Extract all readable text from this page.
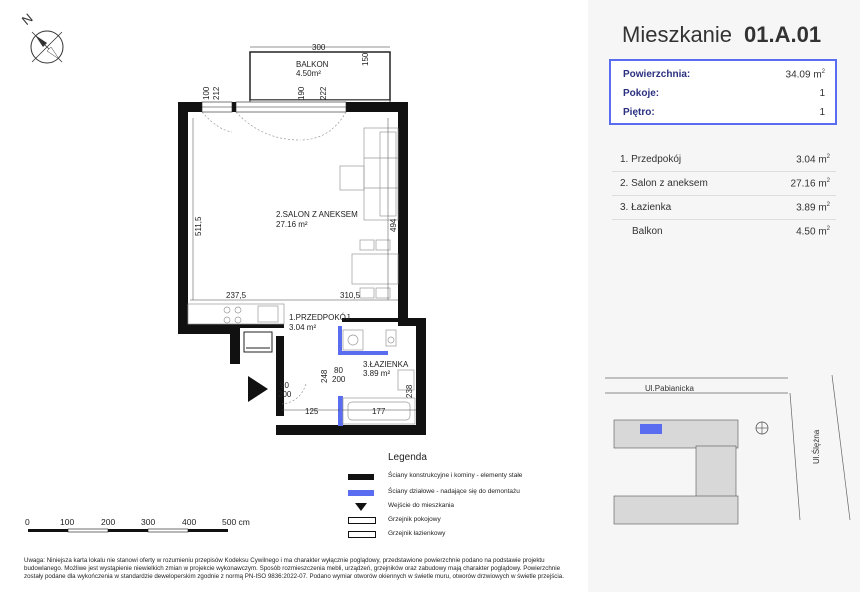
N
300
BALKON
4.50m²
150
100 212	190 222
511,5	494
2.SALON Z ANEKSEM
27.16 m²
237,5	310,5
1.PRZEDPOKÓJ
3.04 m²
3.ŁAZIENKA
3.89 m²
248 80
200
90
200	238
125	177
0	100	200	300	400	500 cm
Legenda
Ściany konstrukcyjne i kominy - elementy stałe
Ściany działowe - nadające się do demontażu
Wejście do mieszkania
Grzejnik pokojowy
Grzejnik łazienkowy
Uwaga: Niniejsza karta lokalu nie stanowi oferty w rozumieniu przepisów Kodeksu Cywilnego i ma charakter wyłącznie poglądowy, przedstawione powierzchnie podano na podstawie projektu budowlanego. Możliwe jest wystąpienie niewielkich zmian w projekcie wykonawczym. Sposób rozmieszczenia mebli, urządzeń, grzejników oraz zabudowy mają charakter poglądowy. Powierzchnie zostały podane dla wykończenia w standardzie deweloperskim zgodnie z normą PN-ISO 9836:2022-07. Podano wymiar otworów okiennych w świetle muru, otworów drzwiowych w świetle przejścia.
Mieszkanie 01.A.01
Powierzchnia:	34.09 $m^2$
Pokoje:	1
Piętro:	1
1. Przedpokój	3.04 $m^2$
2. Salon z aneksem	27.16 $m^2$
3. Łazienka	3.89 $m^2$
Balkon	4.50 $m^2$
Ul.Pabianicka
Ul.Ślężna
